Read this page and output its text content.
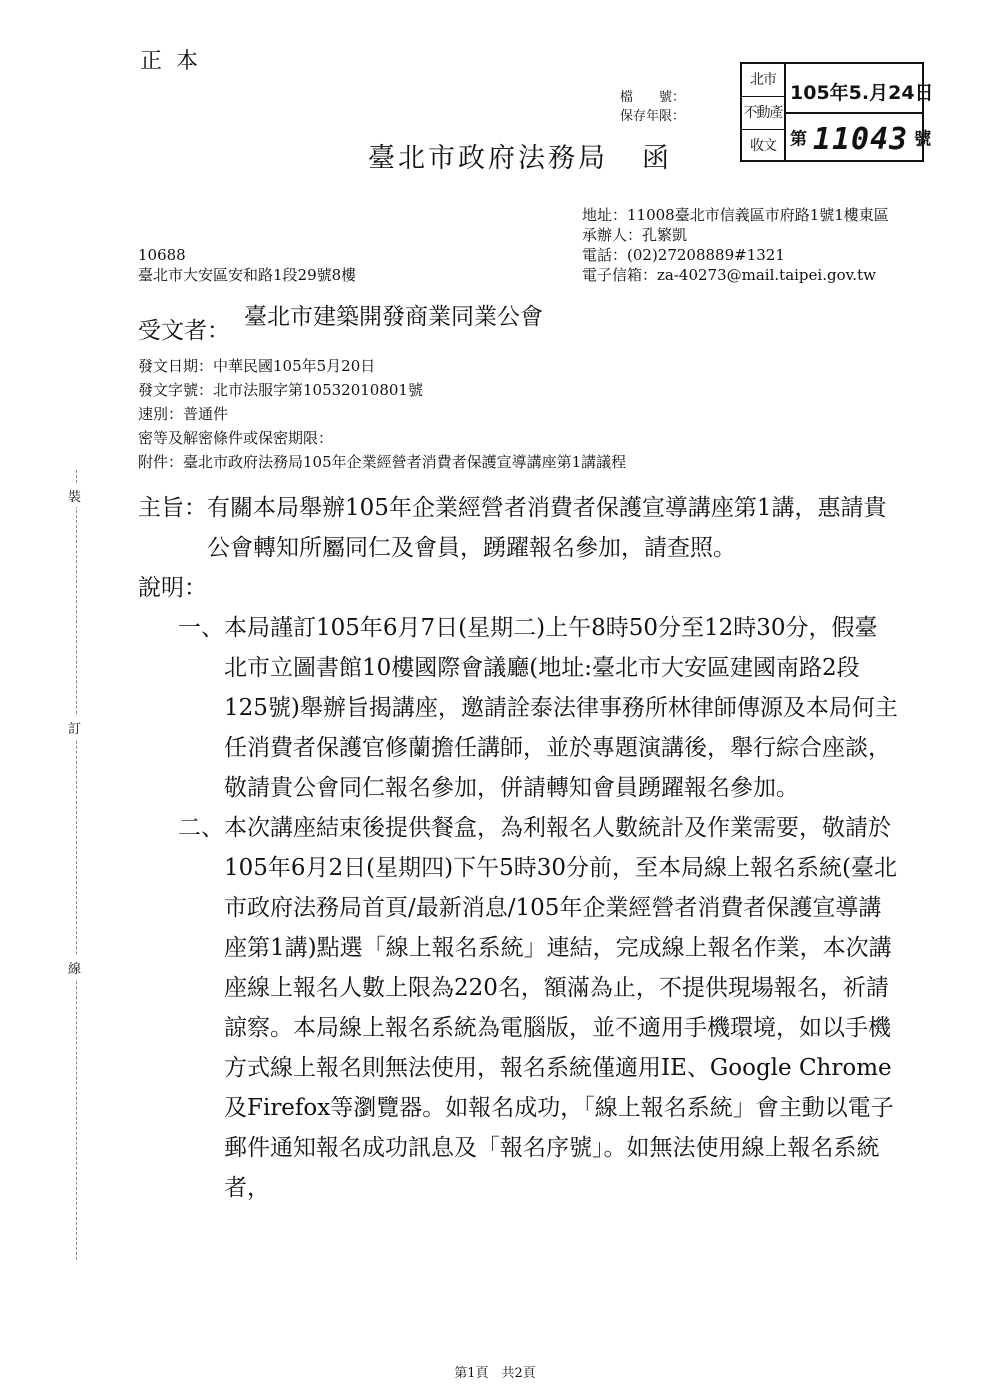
正本
檔　　號：
保存年限：
北市
不動產
收文
105年5.月24日
第 11043 號
臺北市政府法務局 函
地址：11008臺北市信義區市府路1號1樓東區
承辦人：孔繁凱
電話：(02)27208889#1321
電子信箱：za-40273@mail.taipei.gov.tw
10688
臺北市大安區安和路1段29號8樓
受文者：臺北市建築開發商業同業公會
發文日期：中華民國105年5月20日
發文字號：北市法服字第10532010801號
速別：普通件
密等及解密條件或保密期限：
附件：臺北市政府法務局105年企業經營者消費者保護宣導講座第1講議程
主旨： 有關本局舉辦105年企業經營者消費者保護宣導講座第1講，惠請貴公會轉知所屬同仁及會員，踴躍報名參加，請查照。
說明：
一、 本局謹訂105年6月7日(星期二)上午8時50分至12時30分，假臺北市立圖書館10樓國際會議廳(地址:臺北市大安區建國南路2段125號)舉辦旨揭講座，邀請詮泰法律事務所林律師傳源及本局何主任消費者保護官修蘭擔任講師，並於專題演講後，舉行綜合座談，敬請貴公會同仁報名參加，併請轉知會員踴躍報名參加。
二、 本次講座結束後提供餐盒，為利報名人數統計及作業需要，敬請於105年6月2日(星期四)下午5時30分前，至本局線上報名系統(臺北市政府法務局首頁/最新消息/105年企業經營者消費者保護宣導講座第1講)點選「線上報名系統」連結，完成線上報名作業，本次講座線上報名人數上限為220名，額滿為止，不提供現場報名，祈請諒察。本局線上報名系統為電腦版，並不適用手機環境，如以手機方式線上報名則無法使用，報名系統僅適用IE、Google Chrome及Firefox等瀏覽器。如報名成功，「線上報名系統」會主動以電子郵件通知報名成功訊息及「報名序號」。如無法使用線上報名系統者，
裝
訂
線
第1頁　共2頁
